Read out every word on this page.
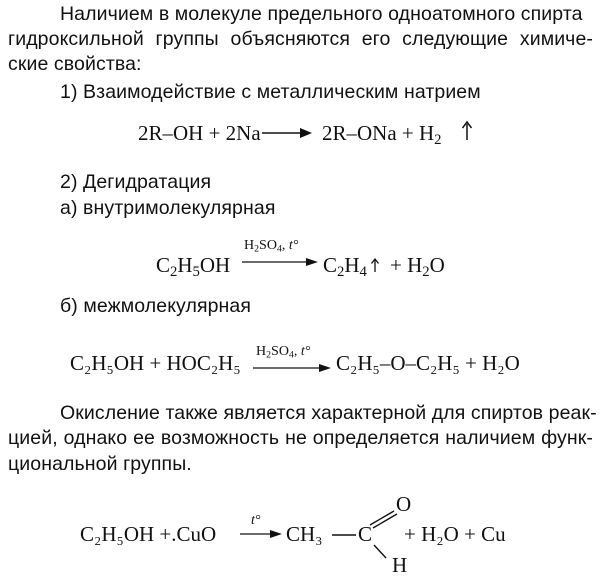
Наличием в молекуле предельного одноатомного спирта
гидроксильной группы объясняются его следующие химиче-
ские свойства:
1) Взаимодействие с металлическим натрием
$2R-OH + 2Na \to 2R-ONa + H_2$
2) Дегидратация
а) внутримолекулярная
$C_2H_5OH$
$H_2SO_4$, t°
$C_2H_4 + H_2O$
б) межмолекулярная
C₂H₅OH + HOC₂H₅ $H_2SO_4$, t° C₂H₅–O–C₂H₅ + H₂O
Окисление также является характерной для спиртов реак-
цией, однако ее возможность не определяется наличием функ-
циональной группы.
C₂H₅OH +.CuO
t°
→ CH₃ C
O
H
+ H₂O + Cu
